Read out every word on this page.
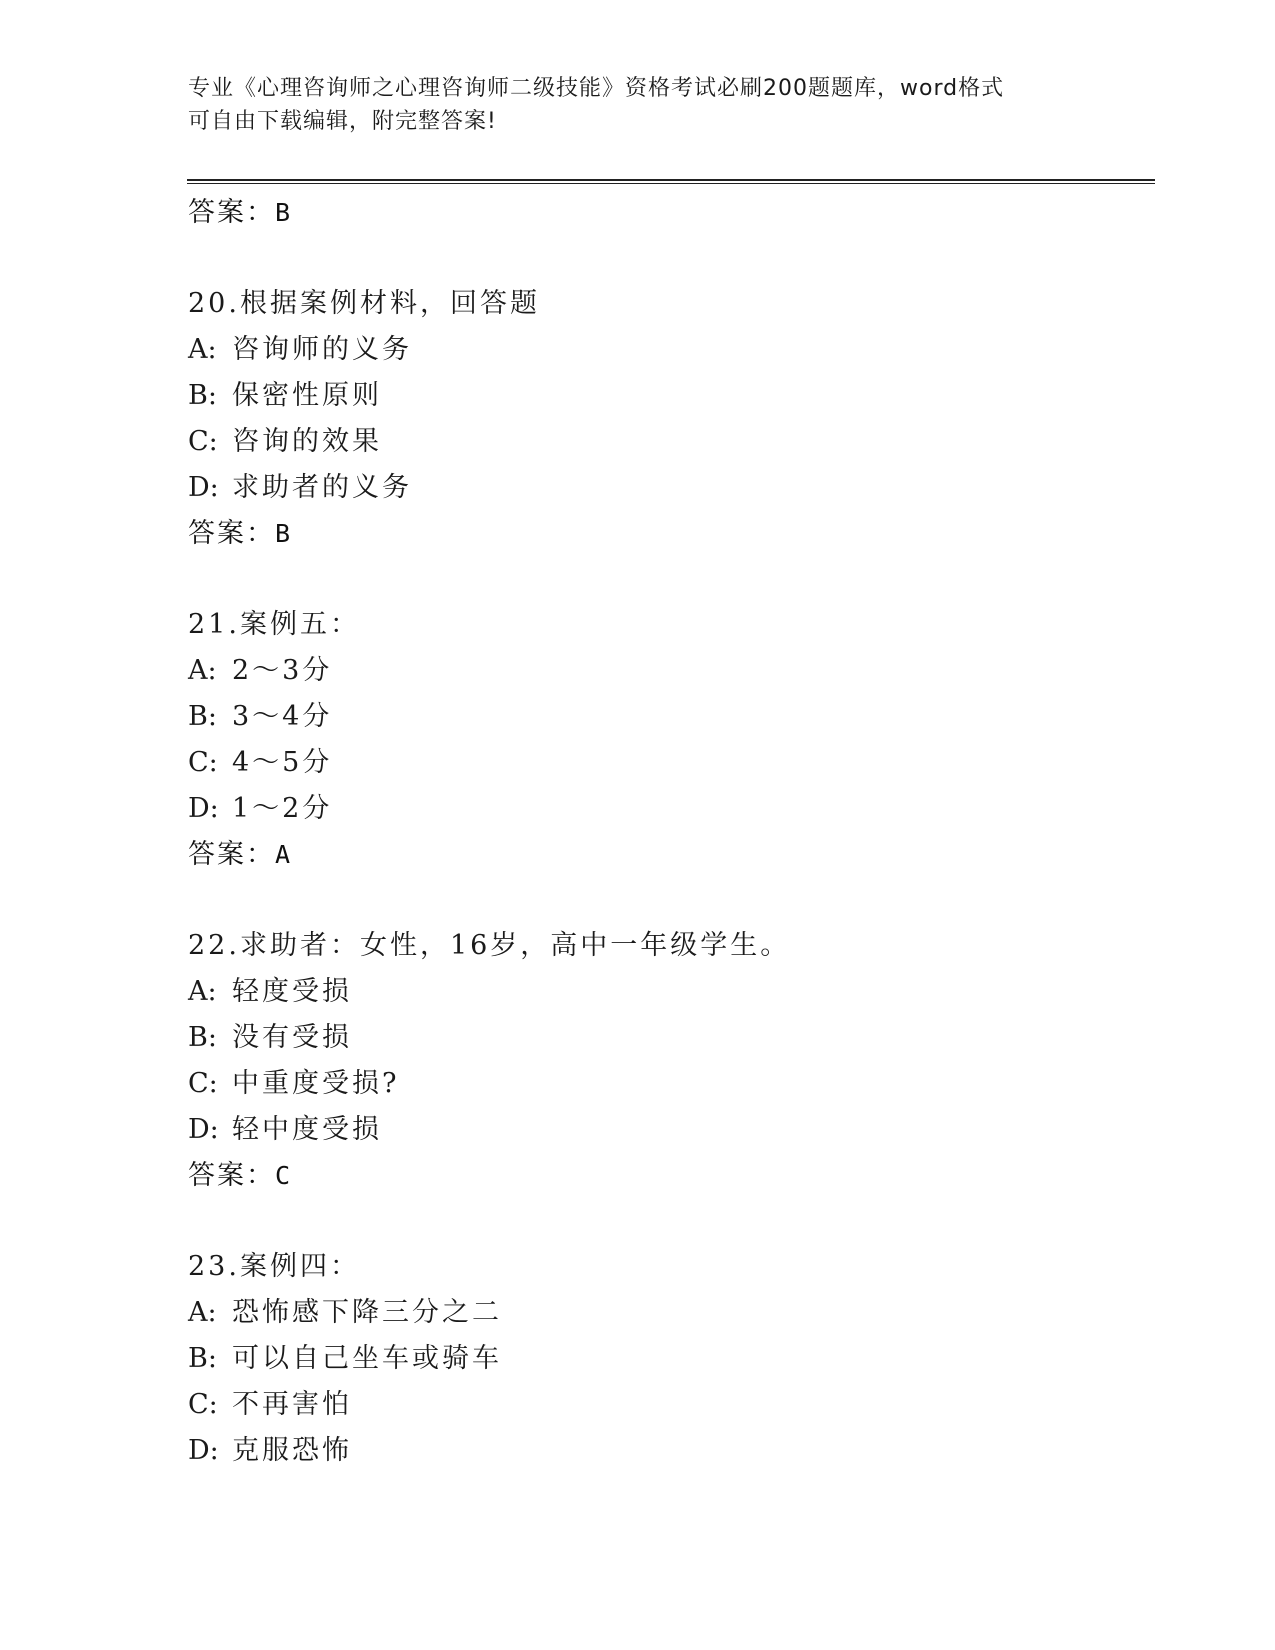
专业《心理咨询师之心理咨询师二级技能》资格考试必刷200题题库，word格式
可自由下载编辑，附完整答案!
答案：B
20.根据案例材料，回答题
A: 咨询师的义务
B: 保密性原则
C: 咨询的效果
D: 求助者的义务
答案：B
21.案例五：
A: 2～3分
B: 3～4分
C: 4～5分
D: 1～2分
答案：A
22.求助者：女性，16岁，高中一年级学生。
A: 轻度受损
B: 没有受损
C: 中重度受损?
D: 轻中度受损
答案：C
23.案例四：
A: 恐怖感下降三分之二
B: 可以自己坐车或骑车
C: 不再害怕
D: 克服恐怖
